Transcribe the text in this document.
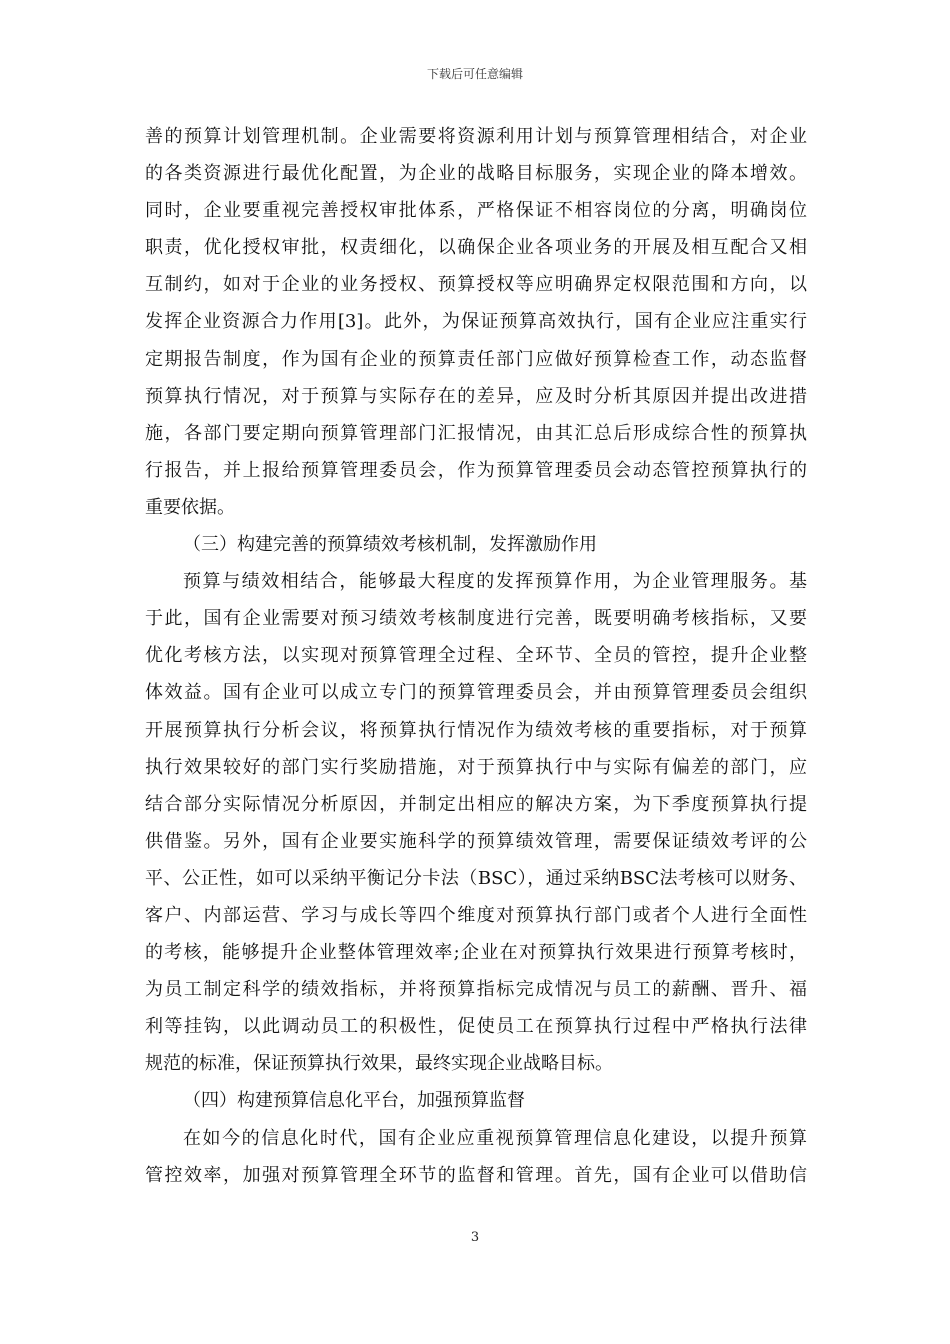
下载后可任意编辑
善的预算计划管理机制。企业需要将资源利用计划与预算管理相结合，对企业
的各类资源进行最优化配置，为企业的战略目标服务，实现企业的降本增效。
同时，企业要重视完善授权审批体系，严格保证不相容岗位的分离，明确岗位
职责，优化授权审批，权责细化，以确保企业各项业务的开展及相互配合又相
互制约，如对于企业的业务授权、预算授权等应明确界定权限范围和方向，以
发挥企业资源合力作用[3]。此外，为保证预算高效执行，国有企业应注重实行
定期报告制度，作为国有企业的预算责任部门应做好预算检查工作，动态监督
预算执行情况，对于预算与实际存在的差异，应及时分析其原因并提出改进措
施，各部门要定期向预算管理部门汇报情况，由其汇总后形成综合性的预算执
行报告，并上报给预算管理委员会，作为预算管理委员会动态管控预算执行的
重要依据。
（三）构建完善的预算绩效考核机制，发挥激励作用
预算与绩效相结合，能够最大程度的发挥预算作用，为企业管理服务。基
于此，国有企业需要对预习绩效考核制度进行完善，既要明确考核指标，又要
优化考核方法，以实现对预算管理全过程、全环节、全员的管控，提升企业整
体效益。国有企业可以成立专门的预算管理委员会，并由预算管理委员会组织
开展预算执行分析会议，将预算执行情况作为绩效考核的重要指标，对于预算
执行效果较好的部门实行奖励措施，对于预算执行中与实际有偏差的部门，应
结合部分实际情况分析原因，并制定出相应的解决方案，为下季度预算执行提
供借鉴。另外，国有企业要实施科学的预算绩效管理，需要保证绩效考评的公
平、公正性，如可以采纳平衡记分卡法（BSC），通过采纳BSC法考核可以财务、
客户、内部运营、学习与成长等四个维度对预算执行部门或者个人进行全面性
的考核，能够提升企业整体管理效率;企业在对预算执行效果进行预算考核时，
为员工制定科学的绩效指标，并将预算指标完成情况与员工的薪酬、晋升、福
利等挂钩，以此调动员工的积极性，促使员工在预算执行过程中严格执行法律
规范的标准，保证预算执行效果，最终实现企业战略目标。
（四）构建预算信息化平台，加强预算监督
在如今的信息化时代，国有企业应重视预算管理信息化建设，以提升预算
管控效率，加强对预算管理全环节的监督和管理。首先，国有企业可以借助信
3
